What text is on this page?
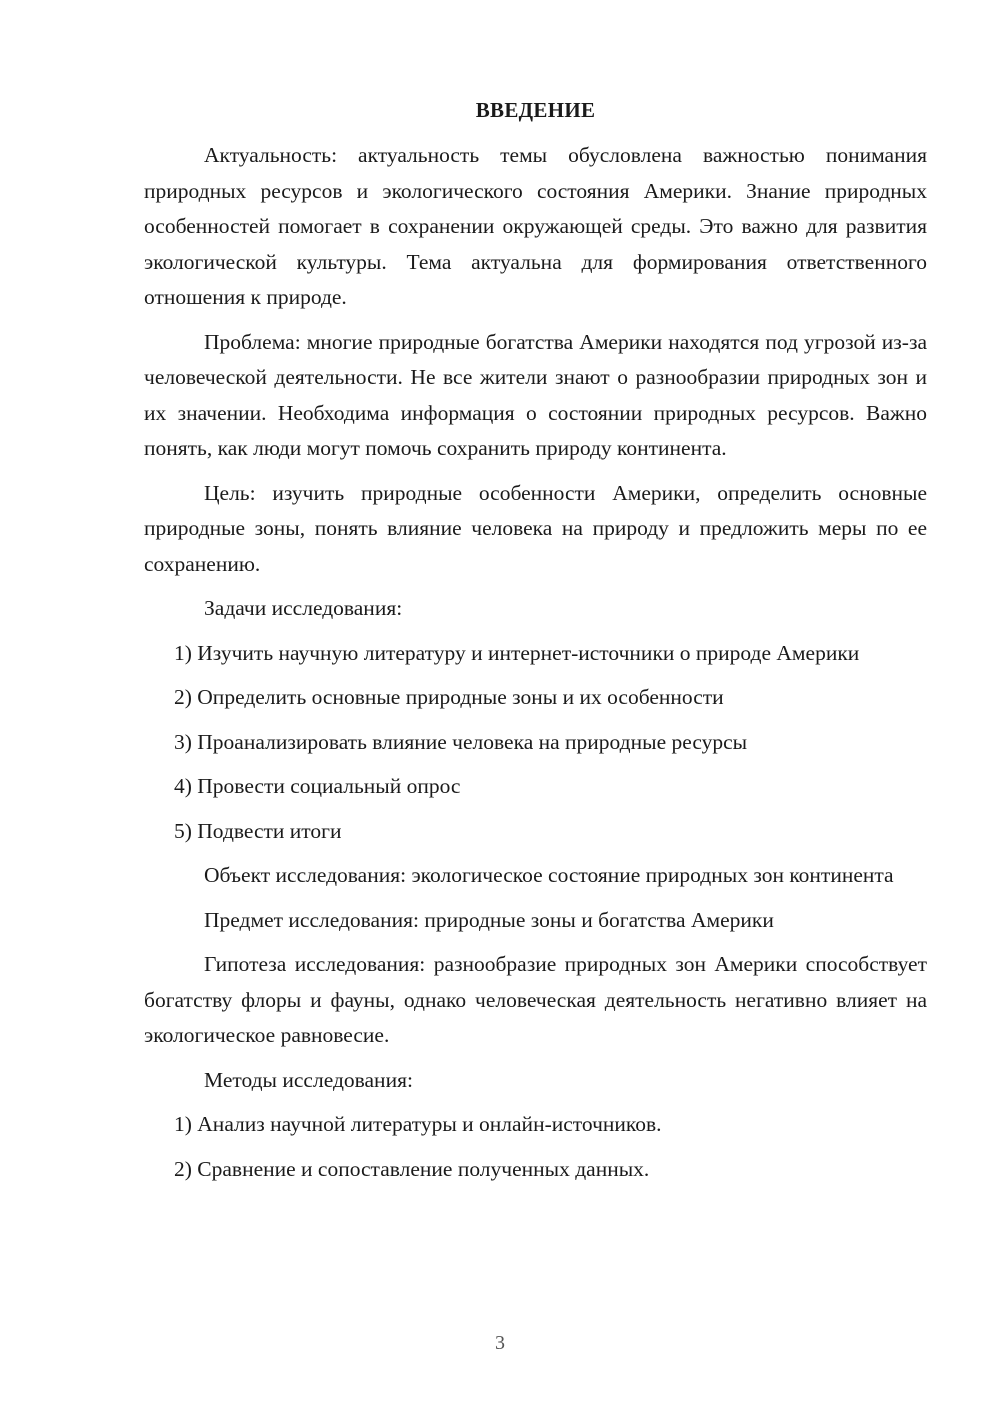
ВВЕДЕНИЕ

Актуальность: актуальность темы обусловлена важностью понимания природных ресурсов и экологического состояния Америки. Знание природных особенностей помогает в сохранении окружающей среды. Это важно для развития экологической культуры. Тема актуальна для формирования ответственного отношения к природе.

Проблема: многие природные богатства Америки находятся под угрозой из-за человеческой деятельности. Не все жители знают о разнообразии природных зон и их значении. Необходима информация о состоянии природных ресурсов. Важно понять, как люди могут помочь сохранить природу континента.

Цель: изучить природные особенности Америки, определить основные природные зоны, понять влияние человека на природу и предложить меры по ее сохранению.

Задачи исследования:

1) Изучить научную литературу и интернет-источники о природе Америки

2) Определить основные природные зоны и их особенности

3) Проанализировать влияние человека на природные ресурсы

4) Провести социальный опрос

5) Подвести итоги

Объект исследования: экологическое состояние природных зон континента

Предмет исследования: природные зоны и богатства Америки

Гипотеза исследования: разнообразие природных зон Америки способствует богатству флоры и фауны, однако человеческая деятельность негативно влияет на экологическое равновесие.

Методы исследования:

1) Анализ научной литературы и онлайн-источников.

2) Сравнение и сопоставление полученных данных.

3
